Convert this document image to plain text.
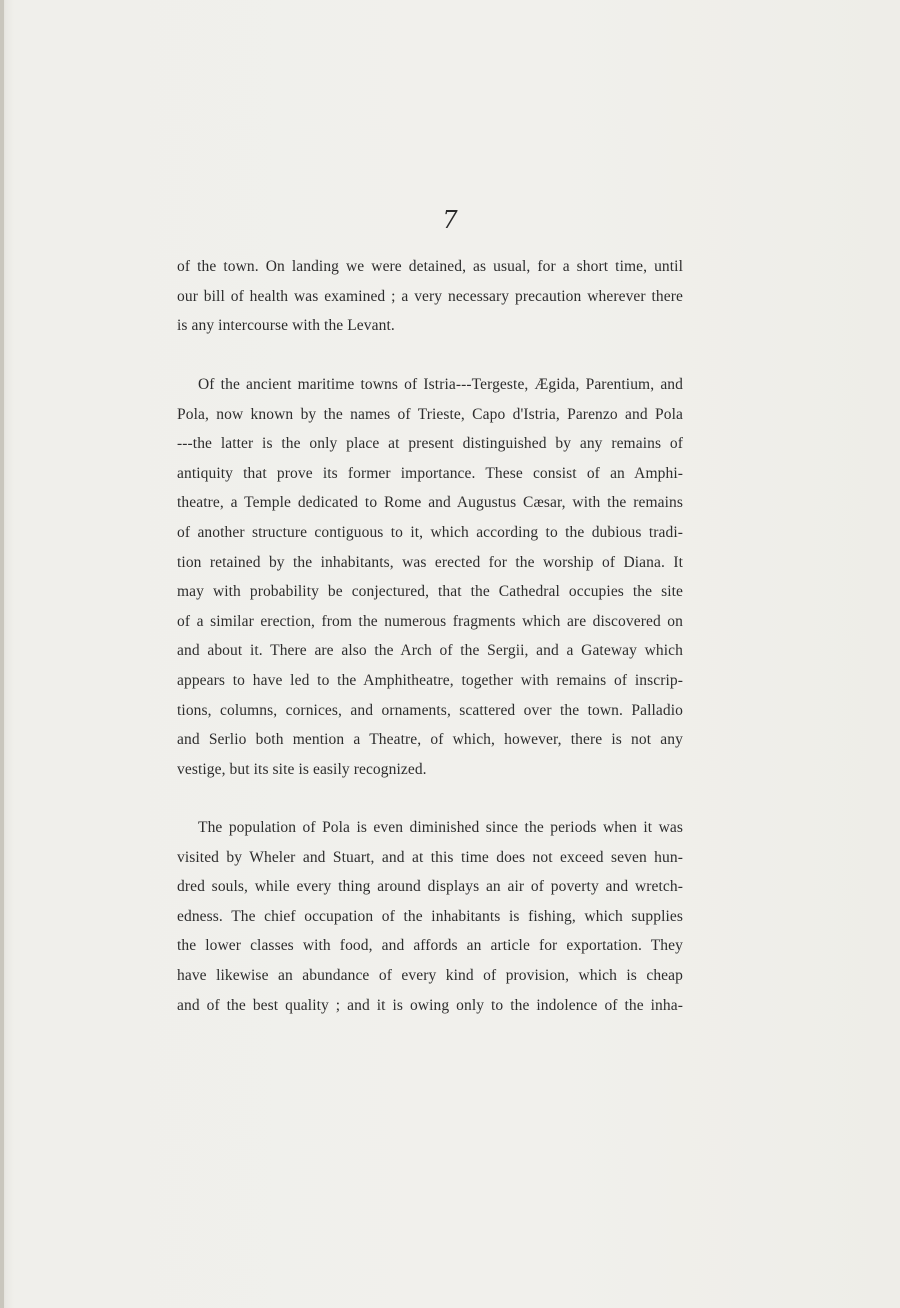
7
of the town. On landing we were detained, as usual, for a short time, until
our bill of health was examined ; a very necessary precaution wherever there
is any intercourse with the Levant.
Of the ancient maritime towns of Istria---Tergeste, Ægida, Parentium, and
Pola, now known by the names of Trieste, Capo d'Istria, Parenzo and Pola
---the latter is the only place at present distinguished by any remains of
antiquity that prove its former importance. These consist of an Amphi-
theatre, a Temple dedicated to Rome and Augustus Cæsar, with the remains
of another structure contiguous to it, which according to the dubious tradi-
tion retained by the inhabitants, was erected for the worship of Diana. It
may with probability be conjectured, that the Cathedral occupies the site
of a similar erection, from the numerous fragments which are discovered on
and about it. There are also the Arch of the Sergii, and a Gateway which
appears to have led to the Amphitheatre, together with remains of inscrip-
tions, columns, cornices, and ornaments, scattered over the town. Palladio
and Serlio both mention a Theatre, of which, however, there is not any
vestige, but its site is easily recognized.
The population of Pola is even diminished since the periods when it was
visited by Wheler and Stuart, and at this time does not exceed seven hun-
dred souls, while every thing around displays an air of poverty and wretch-
edness. The chief occupation of the inhabitants is fishing, which supplies
the lower classes with food, and affords an article for exportation. They
have likewise an abundance of every kind of provision, which is cheap
and of the best quality ; and it is owing only to the indolence of the inha-
